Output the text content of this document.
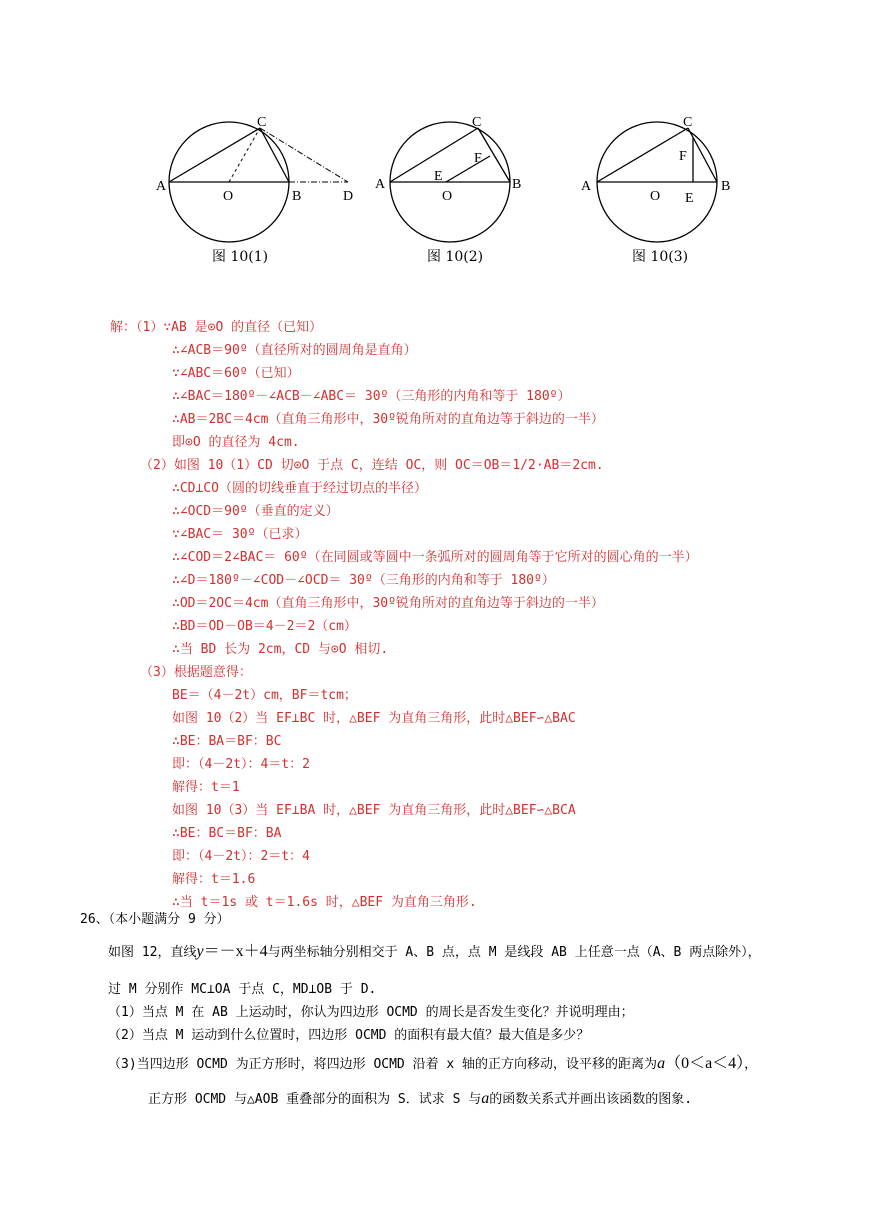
A
B
C
O	D
图 10(1)
A	B
C
O
E
F
图 10(2)
A	B
C
O E
F
图 10(3)
解：（1）∵AB 是⊙O 的直径（已知）
∴∠ACB＝90º（直径所对的圆周角是直角）
∵∠ABC＝60º（已知）
∴∠BAC＝180º－∠ACB－∠ABC＝ 30º（三角形的内角和等于 180º）
∴AB＝2BC＝4cm（直角三角形中，30º锐角所对的直角边等于斜边的一半）
即⊙O 的直径为 4cm.
（2）如图 10（1）CD 切⊙O 于点 C，连结 OC，则 OC＝OB＝1/2·AB＝2cm.
∴CD⊥CO（圆的切线垂直于经过切点的半径）
∴∠OCD＝90º（垂直的定义）
∵∠BAC＝ 30º（已求）
∴∠COD＝2∠BAC＝ 60º（在同圆或等圆中一条弧所对的圆周角等于它所对的圆心角的一半）
∴∠D＝180º－∠COD－∠OCD＝ 30º（三角形的内角和等于 180º）
∴OD＝2OC＝4cm（直角三角形中，30º锐角所对的直角边等于斜边的一半）
∴BD＝OD－OB＝4－2＝2（cm）
∴当 BD 长为 2cm，CD 与⊙O 相切.
（3）根据题意得：
BE＝（4－2t）cm，BF＝tcm；
如图 10（2）当 EF⊥BC 时，△BEF 为直角三角形，此时△BEF∽△BAC
∴BE：BA＝BF：BC
即：（4－2t）：4＝t：2
解得：t＝1
如图 10（3）当 EF⊥BA 时，△BEF 为直角三角形，此时△BEF∽△BCA
∴BE：BC＝BF：BA
即：（4－2t）：2＝t：4
解得：t＝1.6
∴当 t＝1s 或 t＝1.6s 时，△BEF 为直角三角形.
26、（本小题满分 9 分）
如图 12，直线y＝－x＋4与两坐标轴分别相交于 A、B 点，点 M 是线段 AB 上任意一点（A、B 两点除外），
过 M 分别作 MC⊥OA 于点 C，MD⊥OB 于 D.
（1）当点 M 在 AB 上运动时，你认为四边形 OCMD 的周长是否发生变化？并说明理由；
（2）当点 M 运动到什么位置时，四边形 OCMD 的面积有最大值？最大值是多少？
（3)当四边形 OCMD 为正方形时，将四边形 OCMD 沿着 x 轴的正方向移动，设平移的距离为a（0＜a＜4），
正方形 OCMD 与△AOB 重叠部分的面积为 S．试求 S 与a的函数关系式并画出该函数的图象.
